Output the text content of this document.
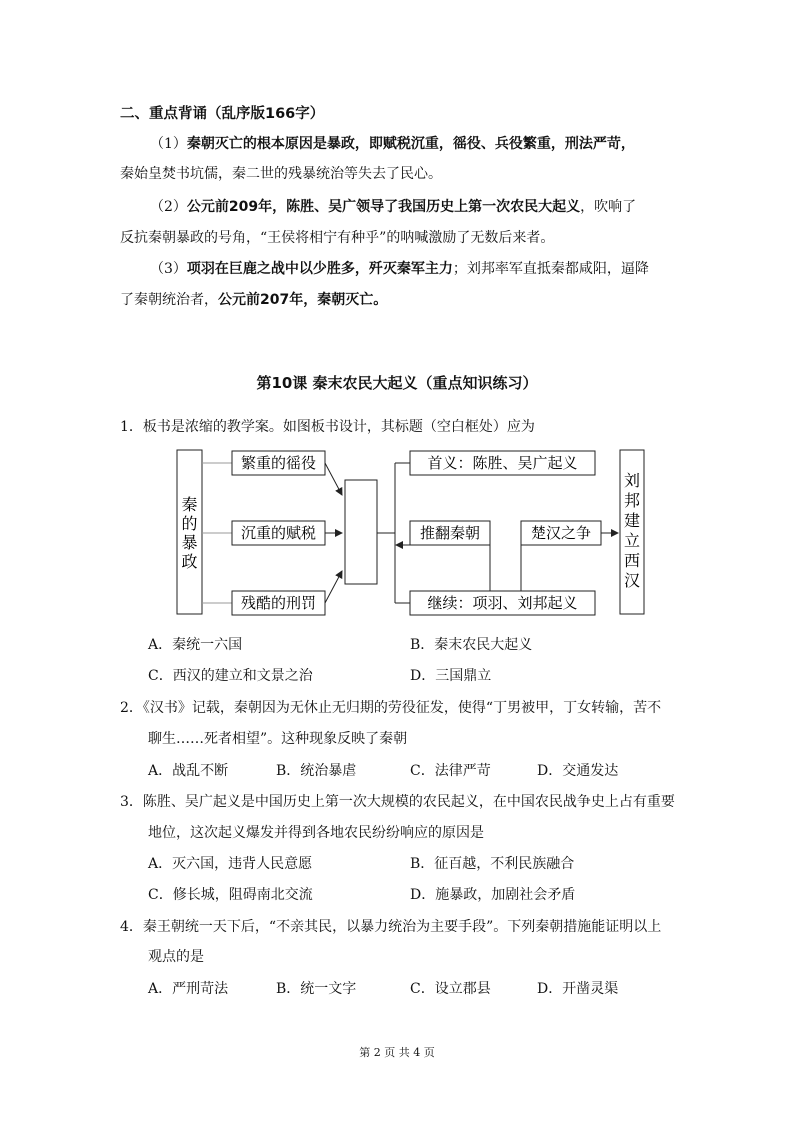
二、重点背诵（乱序版166字）
（1）秦朝灭亡的根本原因是暴政，即赋税沉重，徭役、兵役繁重，刑法严苛，
秦始皇焚书坑儒，秦二世的残暴统治等失去了民心。
（2）公元前209年，陈胜、吴广领导了我国历史上第一次农民大起义，吹响了
反抗秦朝暴政的号角，“王侯将相宁有种乎”的呐喊激励了无数后来者。
（3）项羽在巨鹿之战中以少胜多，歼灭秦军主力；刘邦率军直抵秦都咸阳，逼降
了秦朝统治者，公元前207年，秦朝灭亡。
第10课 秦末农民大起义（重点知识练习）
1．板书是浓缩的教学案。如图板书设计，其标题（空白框处）应为
秦
的
暴
政
繁重的徭役
沉重的赋税
残酷的刑罚
首义：陈胜、吴广起义
推翻秦朝	楚汉之争
继续：项羽、刘邦起义
刘
邦
建
立
西
汉
A．秦统一六国	B．秦末农民大起义
C．西汉的建立和文景之治	D．三国鼎立
2．《汉书》记载，秦朝因为无休止无归期的劳役征发，使得“丁男被甲，丁女转输，苦不
聊生……死者相望”。这种现象反映了秦朝
A．战乱不断	B．统治暴虐	C．法律严苛	D．交通发达
3．陈胜、吴广起义是中国历史上第一次大规模的农民起义，在中国农民战争史上占有重要
地位，这次起义爆发并得到各地农民纷纷响应的原因是
A．灭六国，违背人民意愿	B．征百越，不利民族融合
C．修长城，阻碍南北交流	D．施暴政，加剧社会矛盾
4．秦王朝统一天下后，“不亲其民，以暴力统治为主要手段”。下列秦朝措施能证明以上
观点的是
A．严刑苛法	B．统一文字	C．设立郡县	D．开凿灵渠
第 2 页 共 4 页
